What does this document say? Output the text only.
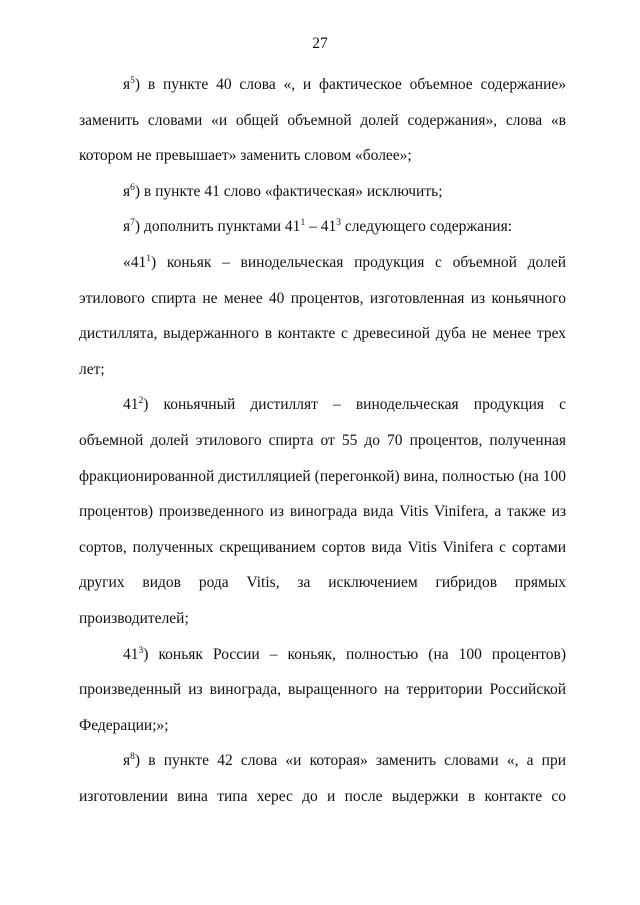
27

$я^5$) в пункте 40 слова «, и фактическое объемное содержание» заменить словами «и общей объемной долей содержания», слова «в котором не превышает» заменить словом «более»;

$я^6$) в пункте 41 слово «фактическая» исключить;

$я^7$) дополнить пунктами $41^1 - 41^3$ следующего содержания:

«$41^1$) коньяк – винодельческая продукция с объемной долей этилового спирта не менее 40 процентов, изготовленная из коньячного дистиллята, выдержанного в контакте с древесиной дуба не менее трех лет;

$41^2$) коньячный дистиллят – винодельческая продукция с объемной долей этилового спирта от 55 до 70 процентов, полученная фракционированной дистилляцией (перегонкой) вина, полностью (на 100 процентов) произведенного из винограда вида Vitis Vinifera, а также из сортов, полученных скрещиванием сортов вида Vitis Vinifera с сортами других видов рода Vitis, за исключением гибридов прямых производителей;

$41^3$) коньяк России – коньяк, полностью (на 100 процентов) произведенный из винограда, выращенного на территории Российской Федерации;»;

$я^8$) в пункте 42 слова «и которая» заменить словами «, а при изготовлении вина типа херес до и после выдержки в контакте со
